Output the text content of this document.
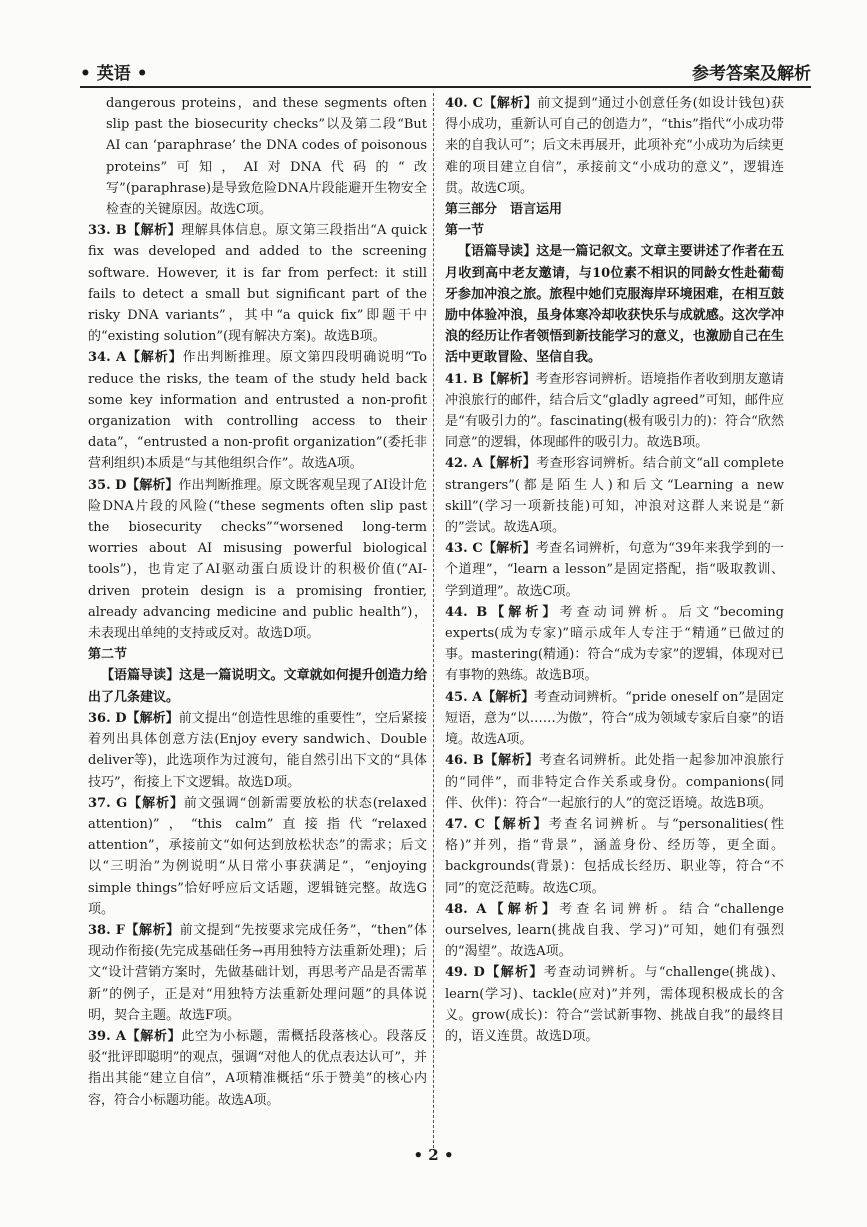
• 英语 •	参考答案及解析

dangerous proteins，and these segments often slip past the biosecurity checks”以及第二段“But AI can ‘paraphrase’ the DNA codes of poisonous proteins”可知，AI对DNA代码的“改写”(paraphrase)是导致危险DNA片段能避开生物安全检查的关键原因。故选C项。

33. B【解析】理解具体信息。原文第三段指出“A quick fix was developed and added to the screening software. However, it is far from perfect: it still fails to detect a small but significant part of the risky DNA variants”，其中“a quick fix”即题干中的“existing solution”(现有解决方案)。故选B项。

34. A【解析】作出判断推理。原文第四段明确说明“To reduce the risks, the team of the study held back some key information and entrusted a non-profit organization with controlling access to their data”，“entrusted a non-profit organization”(委托非营利组织)本质是“与其他组织合作”。故选A项。

35. D【解析】作出判断推理。原文既客观呈现了AI设计危险DNA片段的风险(“these segments often slip past the biosecurity checks”“worsened long-term worries about AI misusing powerful biological tools”)，也肯定了AI驱动蛋白质设计的积极价值(“AI-driven protein design is a promising frontier, already advancing medicine and public health”)，未表现出单纯的支持或反对。故选D项。

第二节

【语篇导读】这是一篇说明文。文章就如何提升创造力给出了几条建议。

36. D【解析】前文提出“创造性思维的重要性”，空后紧接着列出具体创意方法(Enjoy every sandwich、Double deliver等)，此选项作为过渡句，能自然引出下文的“具体技巧”，衔接上下文逻辑。故选D项。

37. G【解析】前文强调“创新需要放松的状态(relaxed attention)”，“this calm”直接指代“relaxed attention”，承接前文“如何达到放松状态”的需求；后文以“三明治”为例说明“从日常小事获满足”，“enjoying simple things”恰好呼应后文话题，逻辑链完整。故选G项。

38. F【解析】前文提到“先按要求完成任务”，“then”体现动作衔接(先完成基础任务→再用独特方法重新处理)；后文“设计营销方案时，先做基础计划，再思考产品是否需革新”的例子，正是对“用独特方法重新处理问题”的具体说明，契合主题。故选F项。

39. A【解析】此空为小标题，需概括段落核心。段落反驳“批评即聪明”的观点，强调“对他人的优点表达认可”，并指出其能“建立自信”，A项精准概括“乐于赞美”的核心内容，符合小标题功能。故选A项。

40. C【解析】前文提到“通过小创意任务(如设计钱包)获得小成功，重新认可自己的创造力”，“this”指代“小成功带来的自我认可”；后文未再展开，此项补充“小成功为后续更难的项目建立自信”，承接前文“小成功的意义”，逻辑连贯。故选C项。

第三部分　语言运用

第一节

【语篇导读】这是一篇记叙文。文章主要讲述了作者在五月收到高中老友邀请，与10位素不相识的同龄女性赴葡萄牙参加冲浪之旅。旅程中她们克服海岸环境困难，在相互鼓励中体验冲浪，虽身体寒冷却收获快乐与成就感。这次学冲浪的经历让作者领悟到新技能学习的意义，也激励自己在生活中更敢冒险、坚信自我。

41. B【解析】考查形容词辨析。语境指作者收到朋友邀请冲浪旅行的邮件，结合后文“gladly agreed”可知，邮件应是“有吸引力的”。fascinating(极有吸引力的)：符合“欣然同意”的逻辑，体现邮件的吸引力。故选B项。

42. A【解析】考查形容词辨析。结合前文“all complete strangers”(都是陌生人)和后文“Learning a new skill”(学习一项新技能)可知，冲浪对这群人来说是“新的”尝试。故选A项。

43. C【解析】考查名词辨析，句意为“39年来我学到的一个道理”，“learn a lesson”是固定搭配，指“吸取教训、学到道理”。故选C项。

44. B【解析】考查动词辨析。后文“becoming experts(成为专家)”暗示成年人专注于“精通”已做过的事。mastering(精通)：符合“成为专家”的逻辑，体现对已有事物的熟练。故选B项。

45. A【解析】考查动词辨析。“pride oneself on”是固定短语，意为“以……为傲”，符合“成为领域专家后自豪”的语境。故选A项。

46. B【解析】考查名词辨析。此处指一起参加冲浪旅行的“同伴”，而非特定合作关系或身份。companions(同伴、伙伴)：符合“一起旅行的人”的宽泛语境。故选B项。

47. C【解析】考查名词辨析。与“personalities(性格)”并列，指“背景”，涵盖身份、经历等，更全面。backgrounds(背景)：包括成长经历、职业等，符合“不同”的宽泛范畴。故选C项。

48. A【解析】考查名词辨析。结合“challenge ourselves, learn(挑战自我、学习)”可知，她们有强烈的“渴望”。故选A项。

49. D【解析】考查动词辨析。与“challenge(挑战)、learn(学习)、tackle(应对)”并列，需体现积极成长的含义。grow(成长)：符合“尝试新事物、挑战自我”的最终目的，语义连贯。故选D项。

• 2 •
